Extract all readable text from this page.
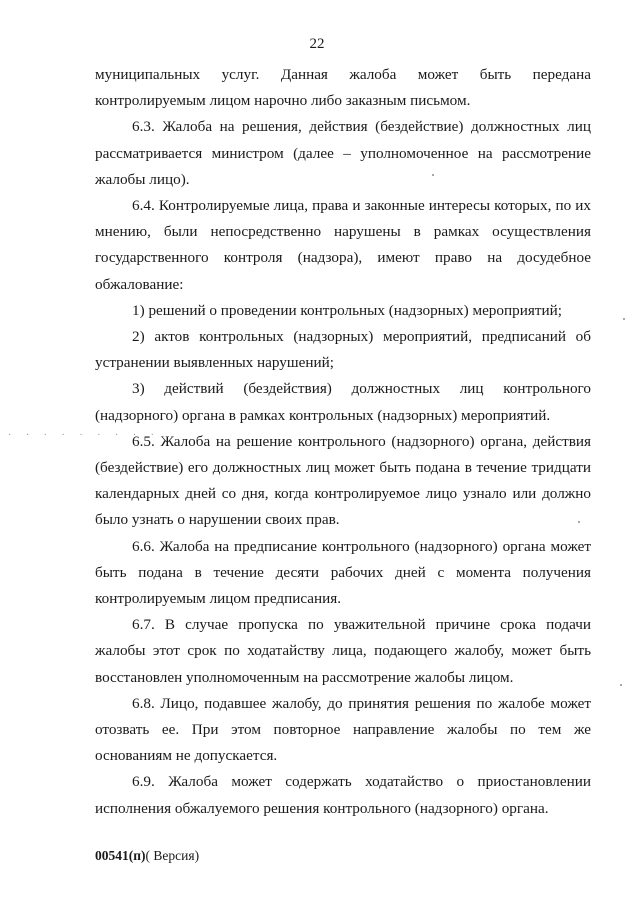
22

муниципальных услуг. Данная жалоба может быть передана контролируемым лицом нарочно либо заказным письмом.

6.3. Жалоба на решения, действия (бездействие) должностных лиц рассматривается министром (далее – уполномоченное на рассмотрение жалобы лицо).

6.4. Контролируемые лица, права и законные интересы которых, по их мнению, были непосредственно нарушены в рамках осуществления государственного контроля (надзора), имеют право на досудебное обжалование:

1) решений о проведении контрольных (надзорных) мероприятий;

2) актов контрольных (надзорных) мероприятий, предписаний об устранении выявленных нарушений;

3) действий (бездействия) должностных лиц контрольного (надзорного) органа в рамках контрольных (надзорных) мероприятий.

6.5. Жалоба на решение контрольного (надзорного) органа, действия (бездействие) его должностных лиц может быть подана в течение тридцати календарных дней со дня, когда контролируемое лицо узнало или должно было узнать о нарушении своих прав.

6.6. Жалоба на предписание контрольного (надзорного) органа может быть подана в течение десяти рабочих дней с момента получения контролируемым лицом предписания.

6.7. В случае пропуска по уважительной причине срока подачи жалобы этот срок по ходатайству лица, подающего жалобу, может быть восстановлен уполномоченным на рассмотрение жалобы лицом.

6.8. Лицо, подавшее жалобу, до принятия решения по жалобе может отозвать ее. При этом повторное направление жалобы по тем же основаниям не допускается.

6.9. Жалоба может содержать ходатайство о приостановлении исполнения обжалуемого решения контрольного (надзорного) органа.

· · · · · · · · ·
00541(п)( Версия)
